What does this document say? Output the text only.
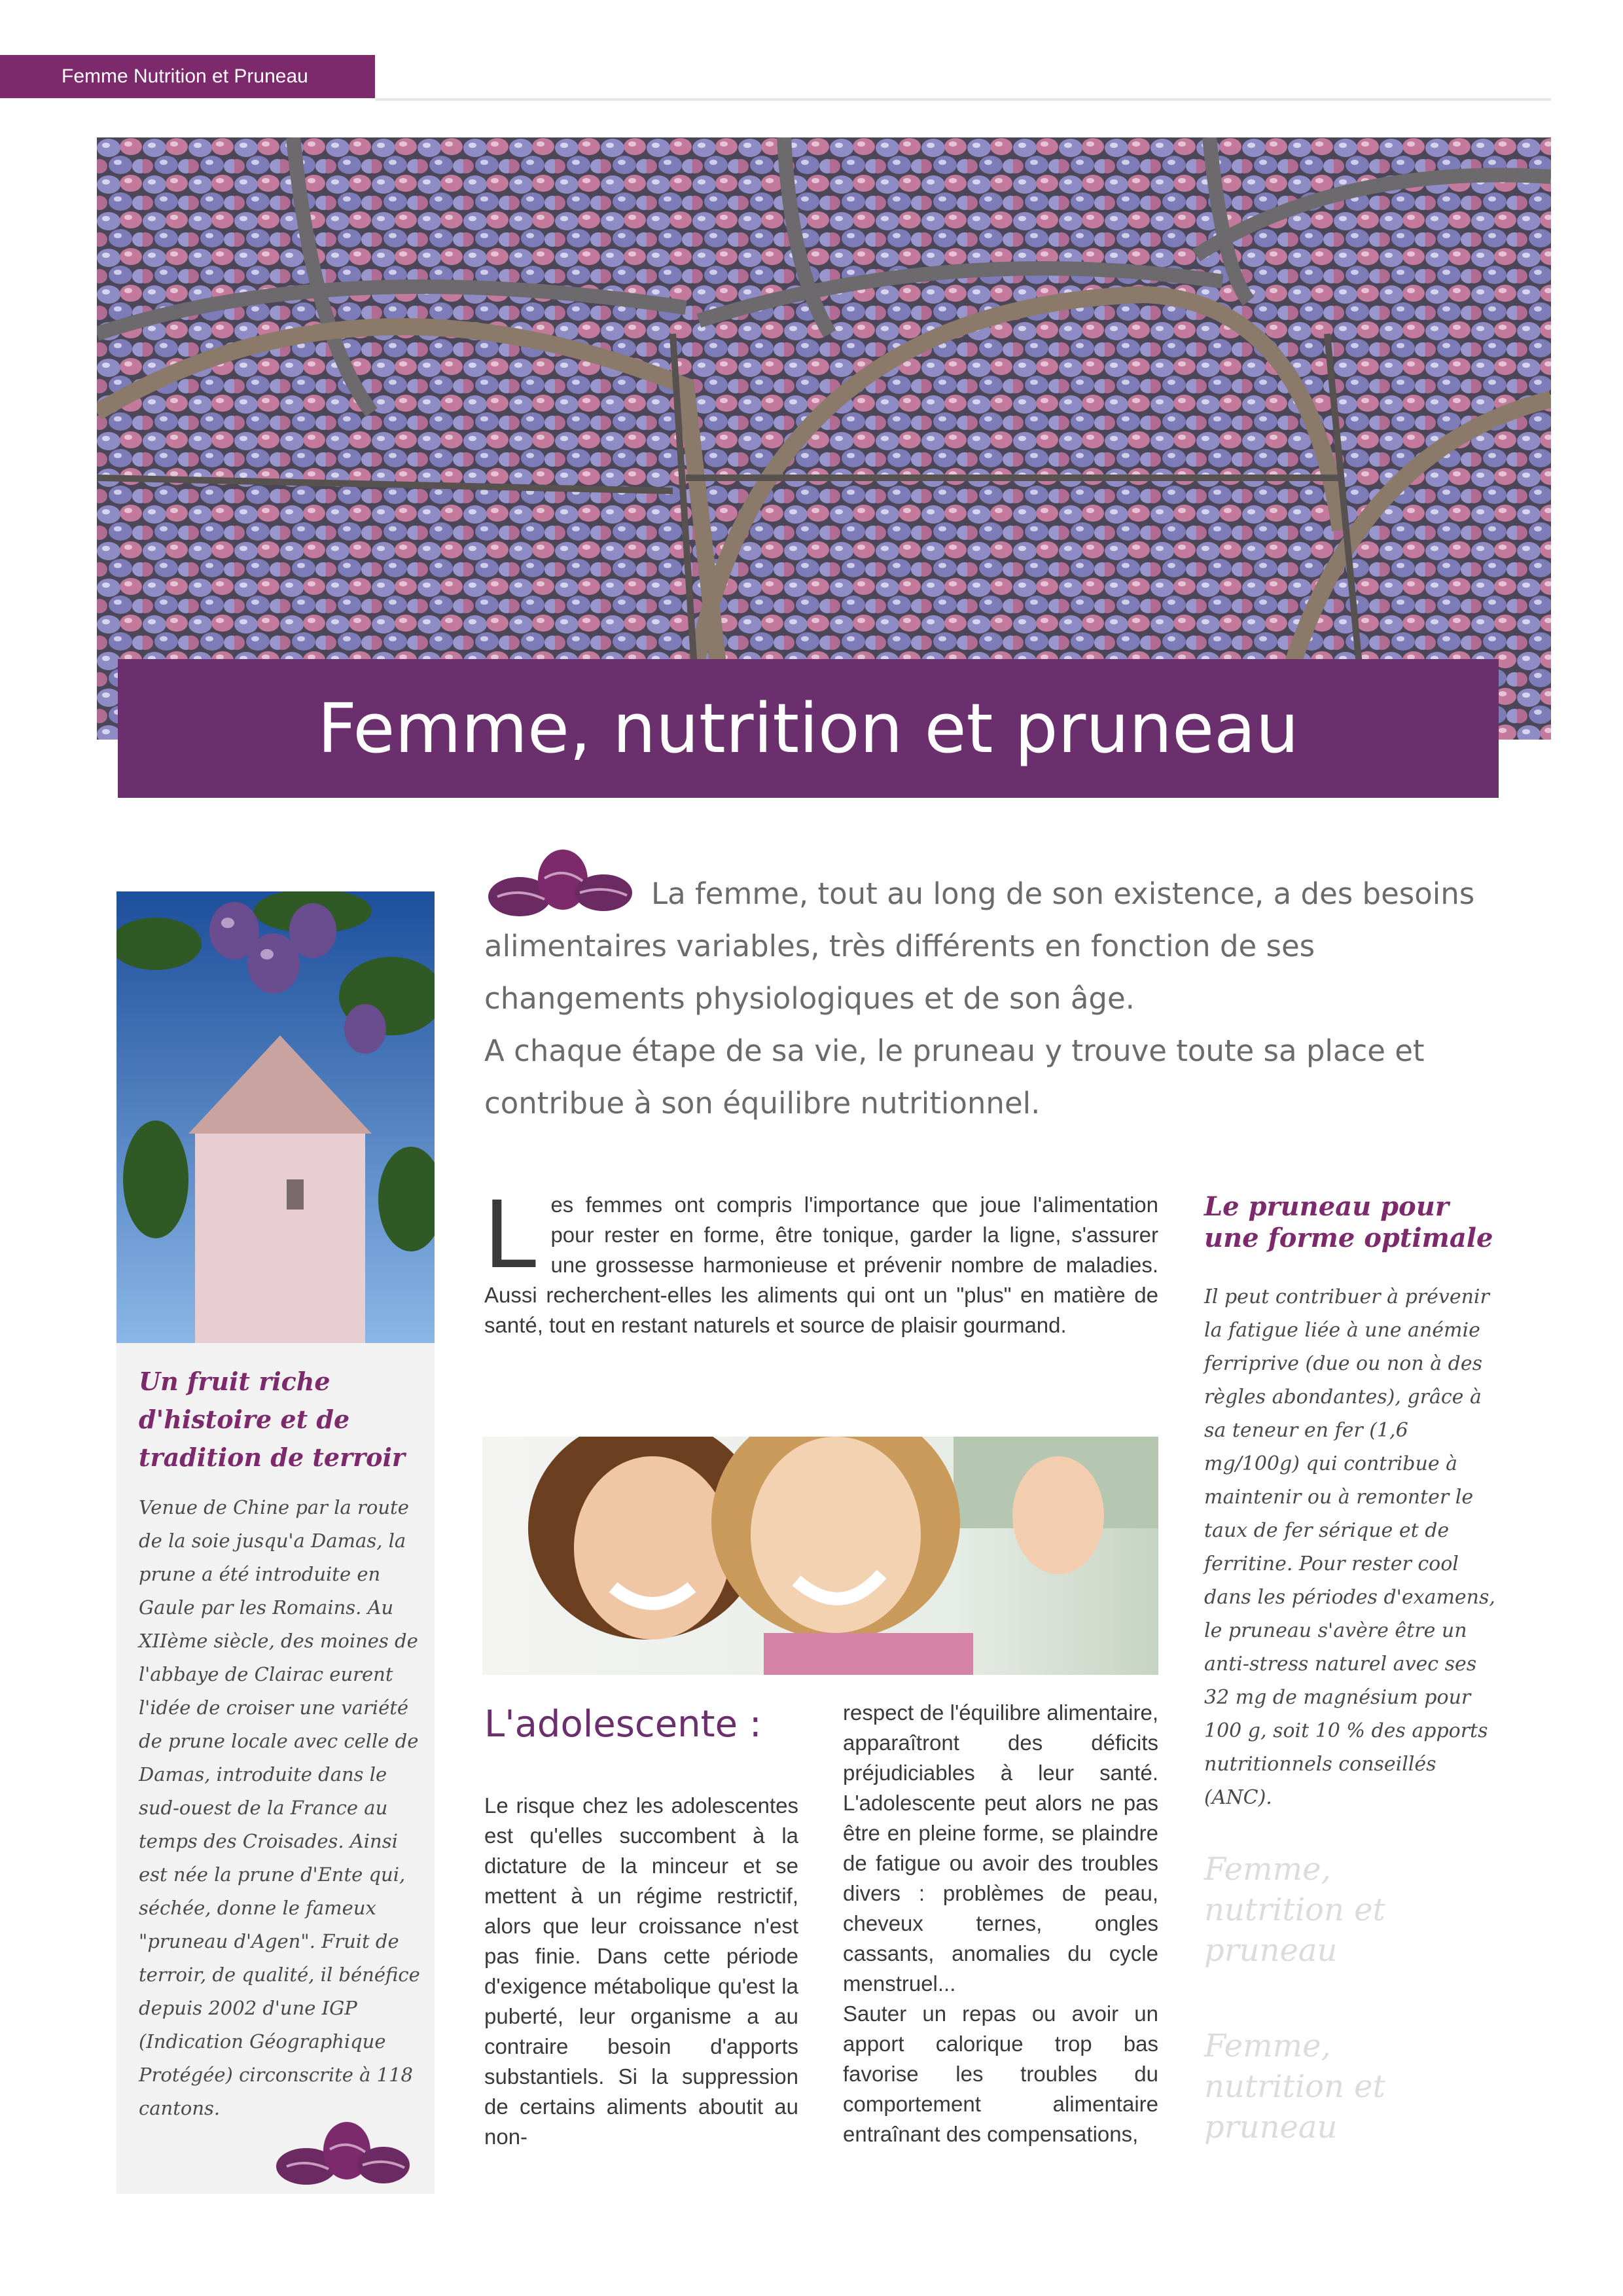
Femme Nutrition et Pruneau
Femme, nutrition et pruneau
Un fruit riche d'histoire et de tradition de terroir
Venue de Chine par la route de la soie jusqu'a Damas, la prune a été introduite en Gaule par les Romains. Au XIIème siècle, des moines de l'abbaye de Clairac eurent l'idée de croiser une variété de prune locale avec celle de Damas, introduite dans le sud-ouest de la France au temps des Croisades. Ainsi est née la prune d'Ente qui, séchée, donne le fameux "pruneau d'Agen". Fruit de terroir, de qualité, il bénéfice depuis 2002 d'une IGP (Indication Géographique Protégée) circonscrite à 118 cantons.
La femme, tout au long de son existence, a des besoins alimentaires variables, très différents en fonction de ses changements physiologiques et de son âge.
A chaque étape de sa vie, le pruneau y trouve toute sa place et contribue à son équilibre nutritionnel.

Les femmes ont compris l'importance que joue l'alimentation pour rester en forme, être tonique, garder la ligne, s'assurer une grossesse harmonieuse et prévenir nombre de maladies. Aussi recherchent-elles les aliments qui ont un "plus" en matière de santé, tout en restant naturels et source de plaisir gourmand.

Le pruneau pour une forme optimale
Il peut contribuer à prévenir la fatigue liée à une anémie ferriprive (due ou non à des règles abondantes), grâce à sa teneur en fer (1,6 mg/100g) qui contribue à maintenir ou à remonter le taux de fer sérique et de ferritine. Pour rester cool dans les périodes d'examens, le pruneau s'avère être un anti-stress naturel avec ses 32 mg de magnésium pour 100 g, soit 10 % des apports nutritionnels conseillés (ANC).
Femme, nutrition et pruneau
Femme, nutrition et pruneau
L'adolescente :

Le risque chez les adolescentes est qu'elles succombent à la dictature de la minceur et se mettent à un régime restrictif, alors que leur croissance n'est pas finie. Dans cette période d'exigence métabolique qu'est la puberté, leur organisme a au contraire besoin d'apports substantiels. Si la suppression de certains aliments aboutit au non-

respect de l'équilibre alimentaire, apparaîtront des déficits préjudiciables à leur santé. L'adolescente peut alors ne pas être en pleine forme, se plaindre de fatigue ou avoir des troubles divers : problèmes de peau, cheveux ternes, ongles cassants, anomalies du cycle menstruel...
Sauter un repas ou avoir un apport calorique trop bas favorise les troubles du comportement alimentaire entraînant des compensations,
